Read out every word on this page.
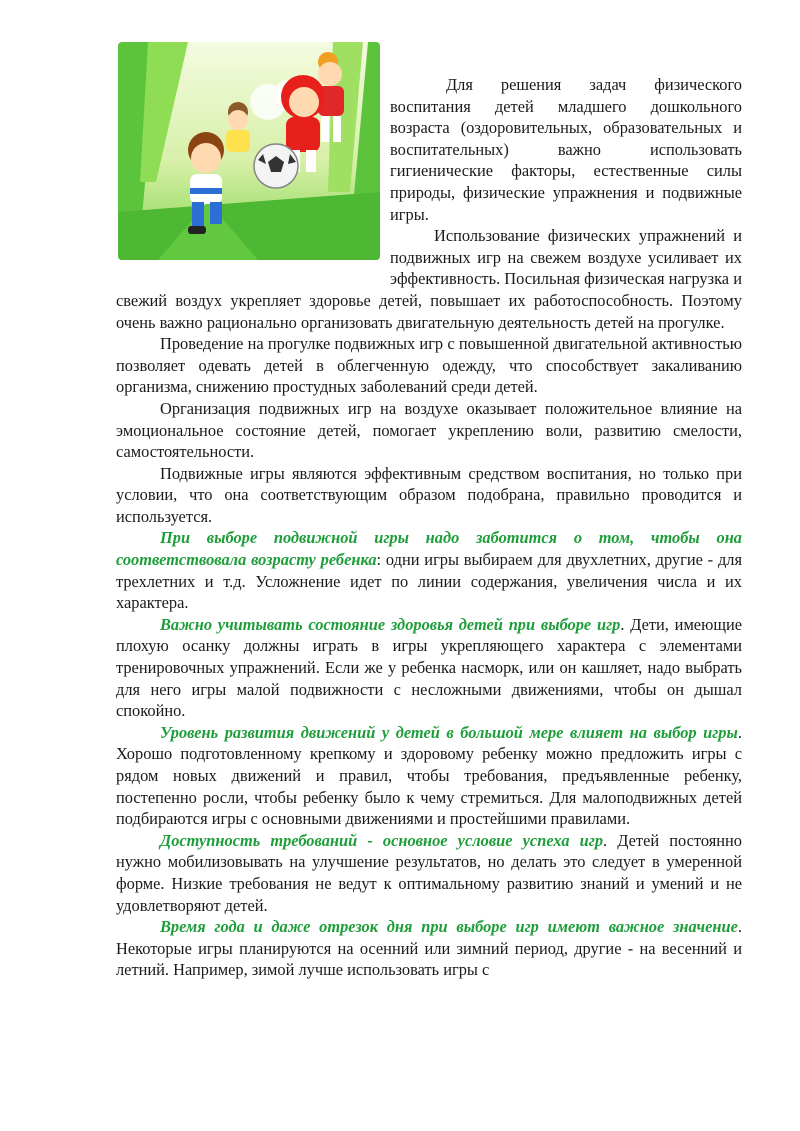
Для решения задач физического воспитания детей младшего дошкольного возраста (оздоровительных, образовательных и воспитательных) важно использовать гигиенические факторы, естественные силы природы, физические упражнения и подвижные игры.

Использование физических упражнений и подвижных игр на свежем воздухе усиливает их эффективность. Посильная физическая нагрузка и свежий воздух укрепляет здоровье детей, повышает их работоспособность. Поэтому очень важно рационально организовать двигательную деятельность детей на прогулке.

Проведение на прогулке подвижных игр с повышенной двигательной активностью позволяет одевать детей в облегченную одежду, что способствует закаливанию организма, снижению простудных заболеваний среди детей.

Организация подвижных игр на воздухе оказывает положительное влияние на эмоциональное состояние детей, помогает укреплению воли, развитию смелости, самостоятельности.

Подвижные игры являются эффективным средством воспитания, но только при условии, что она соответствующим образом подобрана, правильно проводится и используется.

При выборе подвижной игры надо заботится о том, чтобы она соответствовала возрасту ребенка: одни игры выбираем для двухлетних, другие - для трехлетних и т.д. Усложнение идет по линии содержания, увеличения числа и их характера.

Важно учитывать состояние здоровья детей при выборе игр. Дети, имеющие плохую осанку должны играть в игры укрепляющего характера с элементами тренировочных упражнений. Если же у ребенка насморк, или он кашляет, надо выбрать для него игры малой подвижности с несложными движениями, чтобы он дышал спокойно.

Уровень развития движений у детей в большой мере влияет на выбор игры. Хорошо подготовленному крепкому и здоровому ребенку можно предложить игры с рядом новых движений и правил, чтобы требования, предъявленные ребенку, постепенно росли, чтобы ребенку было к чему стремиться. Для малоподвижных детей подбираются игры с основными движениями и простейшими правилами.

Доступность требований - основное условие успеха игр. Детей постоянно нужно мобилизовывать на улучшение результатов, но делать это следует в умеренной форме. Низкие требования не ведут к оптимальному развитию знаний и умений и не удовлетворяют детей.

Время года и даже отрезок дня при выборе игр имеют важное значение. Некоторые игры планируются на осенний или зимний период, другие - на весенний и летний. Например, зимой лучше использовать игры с
